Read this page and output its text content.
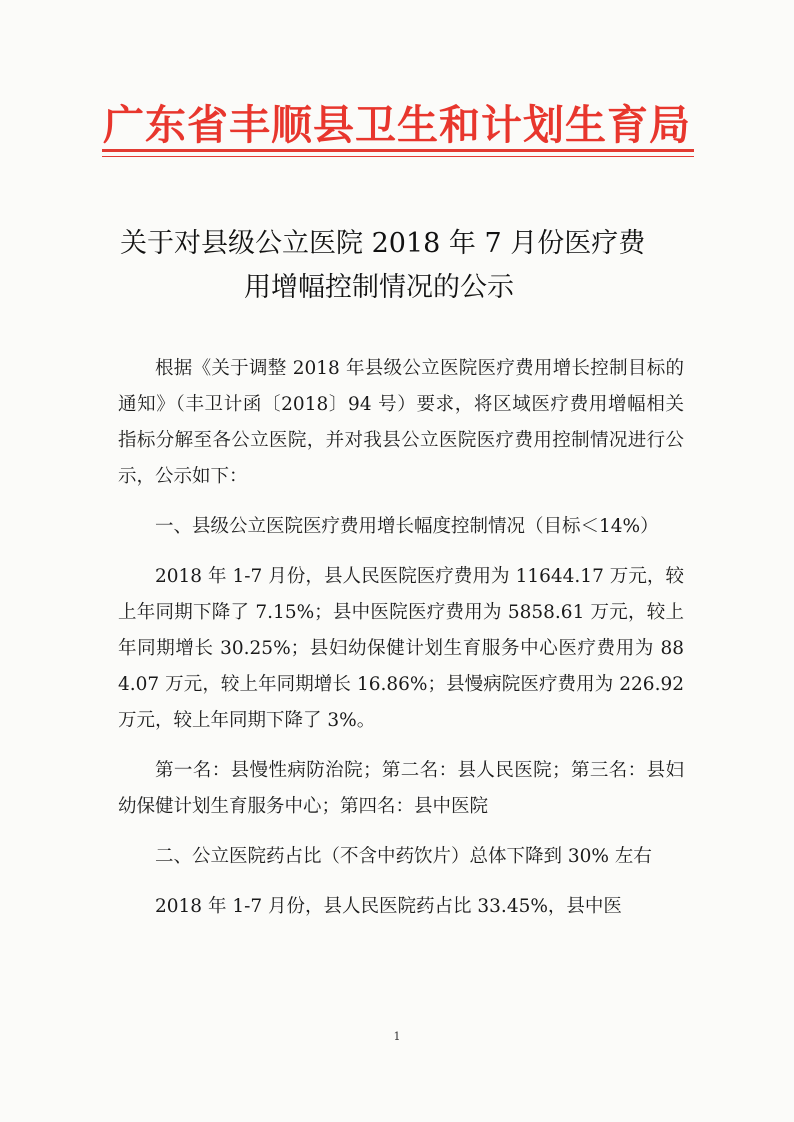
广东省丰顺县卫生和计划生育局
关于对县级公立医院 2018 年 7 月份医疗费
用增幅控制情况的公示

根据《关于调整 2018 年县级公立医院医疗费用增长控制目标的通知》（丰卫计函〔2018〕94 号）要求，将区域医疗费用增幅相关指标分解至各公立医院，并对我县公立医院医疗费用控制情况进行公示，公示如下：

一、县级公立医院医疗费用增长幅度控制情况（目标＜14%）

2018 年 1-7 月份，县人民医院医疗费用为 11644.17 万元，较上年同期下降了 7.15%；县中医院医疗费用为 5858.61 万元，较上年同期增长 30.25%；县妇幼保健计划生育服务中心医疗费用为 884.07 万元，较上年同期增长 16.86%；县慢病院医疗费用为 226.92 万元，较上年同期下降了 3%。

第一名：县慢性病防治院；第二名：县人民医院；第三名：县妇幼保健计划生育服务中心；第四名：县中医院

二、公立医院药占比（不含中药饮片）总体下降到 30% 左右

2018 年 1-7 月份，县人民医院药占比 33.45%，县中医

1
